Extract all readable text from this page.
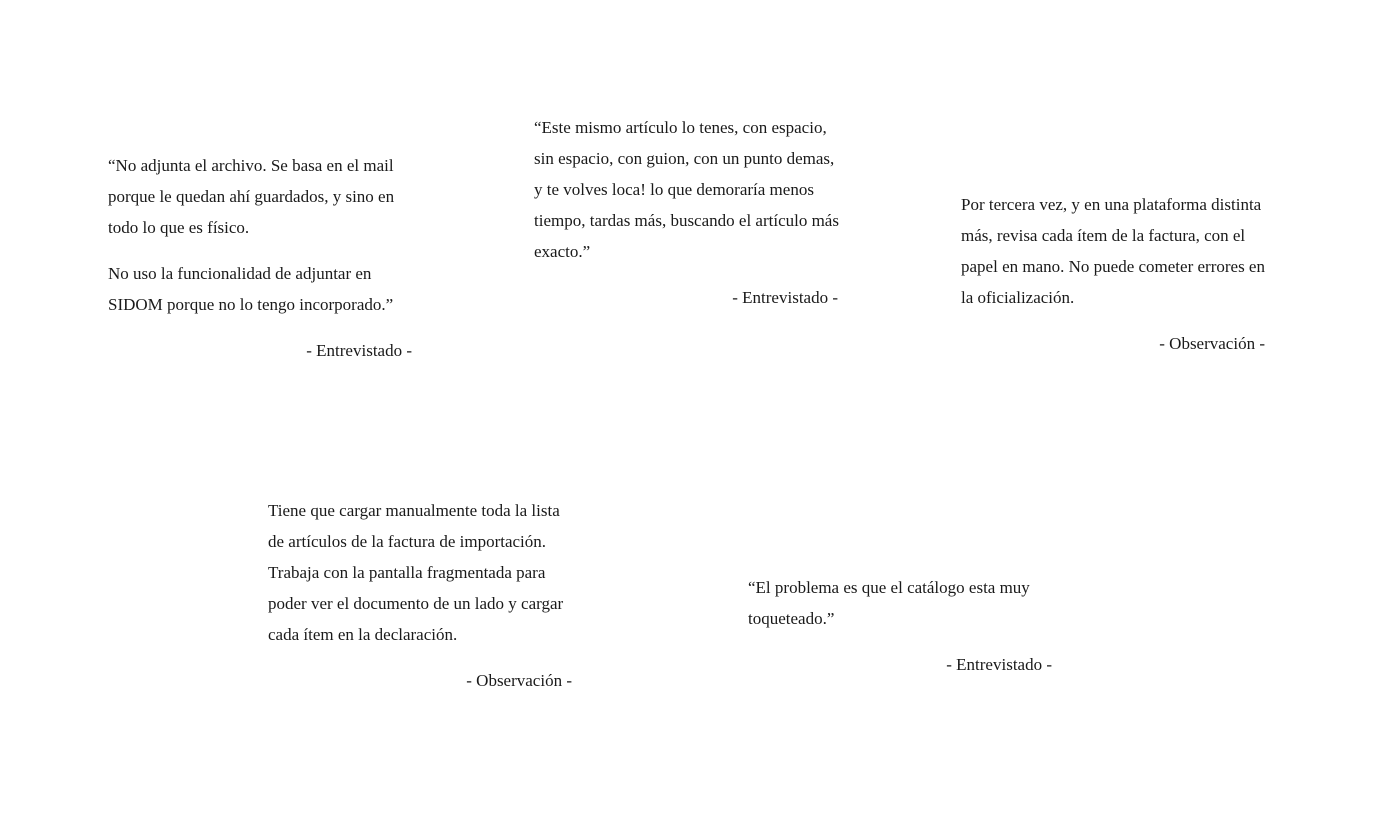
“No adjunta el archivo. Se basa en el mail porque le quedan ahí guardados, y sino en todo lo que es físico.

No uso la funcionalidad de adjuntar en SIDOM porque no lo tengo incorporado.”

- Entrevistado -

“Este mismo artículo lo tenes, con espacio, sin espacio, con guion, con un punto demas, y te volves loca! lo que demoraría menos tiempo, tardas más, buscando el artículo más exacto.”

- Entrevistado -

Por tercera vez, y en una plataforma distinta más, revisa cada ítem de la factura, con el papel en mano. No puede cometer errores en la oficialización.

- Observación -

Tiene que cargar manualmente toda la lista de artículos de la factura de importación.  Trabaja con la pantalla fragmentada para poder ver el documento de un lado y cargar cada ítem en la declaración.

- Observación -

“El problema es que el catálogo esta muy toqueteado.”

- Entrevistado -
